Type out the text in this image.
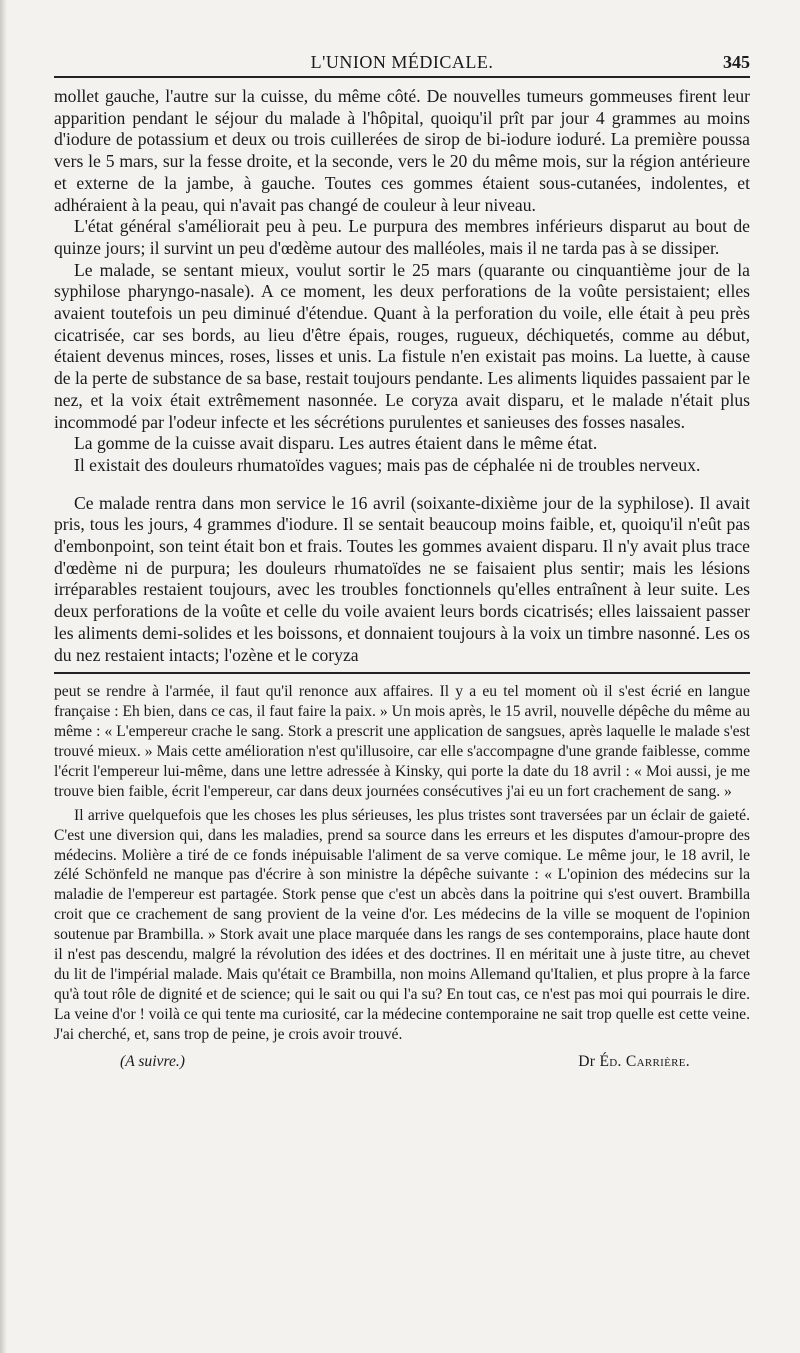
L'UNION MÉDICALE.	345

mollet gauche, l'autre sur la cuisse, du même côté. De nouvelles tumeurs gommeuses firent leur apparition pendant le séjour du malade à l'hôpital, quoiqu'il prît par jour 4 grammes au moins d'iodure de potassium et deux ou trois cuillerées de sirop de bi-iodure ioduré. La première poussa vers le 5 mars, sur la fesse droite, et la seconde, vers le 20 du même mois, sur la région antérieure et externe de la jambe, à gauche. Toutes ces gommes étaient sous-cutanées, indolentes, et adhéraient à la peau, qui n'avait pas changé de couleur à leur niveau.

L'état général s'améliorait peu à peu. Le purpura des membres inférieurs disparut au bout de quinze jours; il survint un peu d'œdème autour des malléoles, mais il ne tarda pas à se dissiper.

Le malade, se sentant mieux, voulut sortir le 25 mars (quarante ou cinquantième jour de la syphilose pharyngo-nasale). A ce moment, les deux perforations de la voûte persistaient; elles avaient toutefois un peu diminué d'étendue. Quant à la perforation du voile, elle était à peu près cicatrisée, car ses bords, au lieu d'être épais, rouges, rugueux, déchiquetés, comme au début, étaient devenus minces, roses, lisses et unis. La fistule n'en existait pas moins. La luette, à cause de la perte de substance de sa base, restait toujours pendante. Les aliments liquides passaient par le nez, et la voix était extrêmement nasonnée. Le coryza avait disparu, et le malade n'était plus incommodé par l'odeur infecte et les sécrétions purulentes et sanieuses des fosses nasales.

La gomme de la cuisse avait disparu. Les autres étaient dans le même état.

Il existait des douleurs rhumatoïdes vagues; mais pas de céphalée ni de troubles nerveux.

Ce malade rentra dans mon service le 16 avril (soixante-dixième jour de la syphilose). Il avait pris, tous les jours, 4 grammes d'iodure. Il se sentait beaucoup moins faible, et, quoiqu'il n'eût pas d'embonpoint, son teint était bon et frais. Toutes les gommes avaient disparu. Il n'y avait plus trace d'œdème ni de purpura; les douleurs rhumatoïdes ne se faisaient plus sentir; mais les lésions irréparables restaient toujours, avec les troubles fonctionnels qu'elles entraînent à leur suite. Les deux perforations de la voûte et celle du voile avaient leurs bords cicatrisés; elles laissaient passer les aliments demi-solides et les boissons, et donnaient toujours à la voix un timbre nasonné. Les os du nez restaient intacts; l'ozène et le coryza

peut se rendre à l'armée, il faut qu'il renonce aux affaires. Il y a eu tel moment où il s'est écrié en langue française : Eh bien, dans ce cas, il faut faire la paix. » Un mois après, le 15 avril, nouvelle dépêche du même au même : « L'empereur crache le sang. Stork a prescrit une application de sangsues, après laquelle le malade s'est trouvé mieux. » Mais cette amélioration n'est qu'illusoire, car elle s'accompagne d'une grande faiblesse, comme l'écrit l'empereur lui-même, dans une lettre adressée à Kinsky, qui porte la date du 18 avril : « Moi aussi, je me trouve bien faible, écrit l'empereur, car dans deux journées consécutives j'ai eu un fort crachement de sang. »

Il arrive quelquefois que les choses les plus sérieuses, les plus tristes sont traversées par un éclair de gaieté. C'est une diversion qui, dans les maladies, prend sa source dans les erreurs et les disputes d'amour-propre des médecins. Molière a tiré de ce fonds inépuisable l'aliment de sa verve comique. Le même jour, le 18 avril, le zélé Schönfeld ne manque pas d'écrire à son ministre la dépêche suivante : « L'opinion des médecins sur la maladie de l'empereur est partagée. Stork pense que c'est un abcès dans la poitrine qui s'est ouvert. Brambilla croit que ce crachement de sang provient de la veine d'or. Les médecins de la ville se moquent de l'opinion soutenue par Brambilla. » Stork avait une place marquée dans les rangs de ses contemporains, place haute dont il n'est pas descendu, malgré la révolution des idées et des doctrines. Il en méritait une à juste titre, au chevet du lit de l'impérial malade. Mais qu'était ce Brambilla, non moins Allemand qu'Italien, et plus propre à la farce qu'à tout rôle de dignité et de science; qui le sait ou qui l'a su? En tout cas, ce n'est pas moi qui pourrais le dire. La veine d'or ! voilà ce qui tente ma curiosité, car la médecine contemporaine ne sait trop quelle est cette veine. J'ai cherché, et, sans trop de peine, je crois avoir trouvé.

(A suivre.)	Dr Éd. Carrière.
